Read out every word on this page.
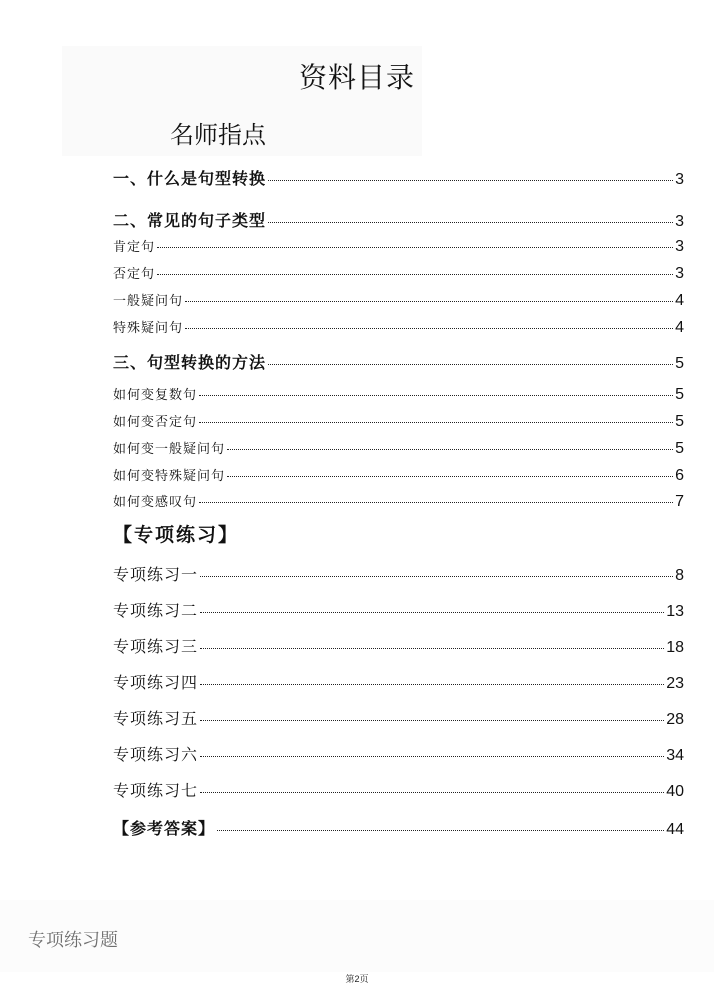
资料目录
名师指点
一、什么是句型转换	3
二、常见的句子类型	3
肯定句	3
否定句	3
一般疑问句	4
特殊疑问句	4
三、句型转换的方法	5
如何变复数句	5
如何变否定句	5
如何变一般疑问句	5
如何变特殊疑问句	6
如何变感叹句	7
【专项练习】
专项练习一	8
专项练习二	13
专项练习三	18
专项练习四	23
专项练习五	28
专项练习六	34
专项练习七	40
【参考答案】	44
专项练习题
第2页
